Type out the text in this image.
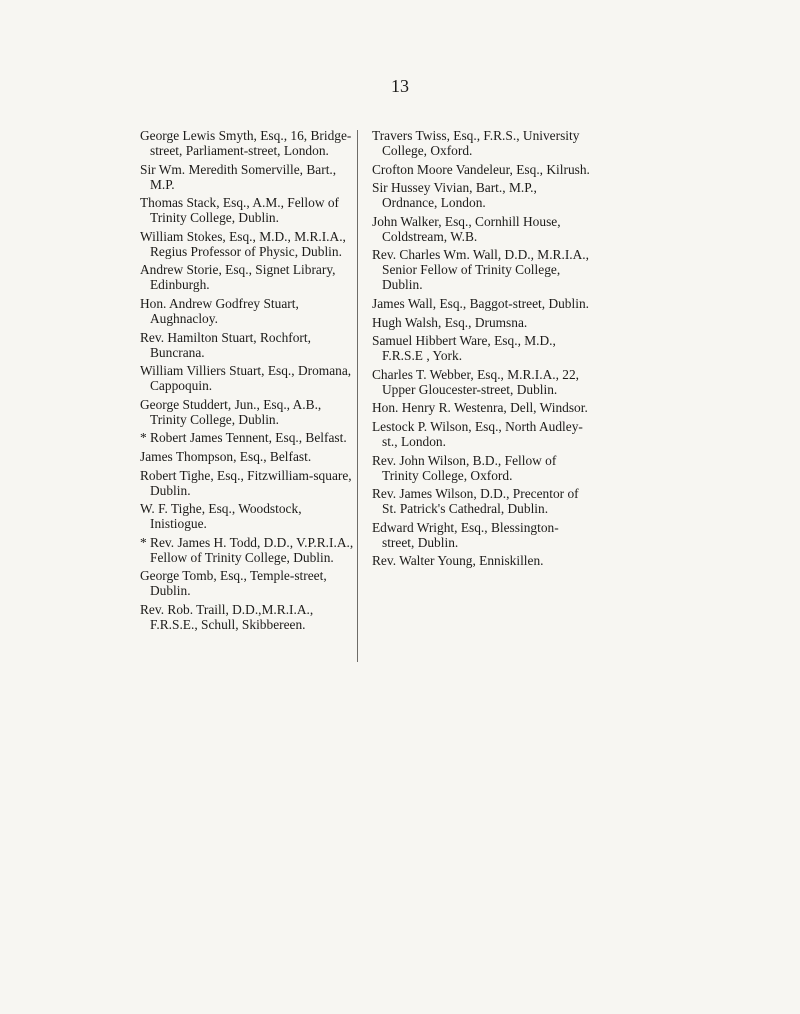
13

George Lewis Smyth, Esq., 16, Bridge-street, Parliament-street, London.

Sir Wm. Meredith Somerville, Bart., M.P.

Thomas Stack, Esq., A.M., Fellow of Trinity College, Dublin.

William Stokes, Esq., M.D., M.R.I.A., Regius Professor of Physic, Dublin.

Andrew Storie, Esq., Signet Library, Edinburgh.

Hon. Andrew Godfrey Stuart, Aughnacloy.

Rev. Hamilton Stuart, Rochfort, Buncrana.

William Villiers Stuart, Esq., Dromana, Cappoquin.

George Studdert, Jun., Esq., A.B., Trinity College, Dublin.

* Robert James Tennent, Esq., Belfast.

James Thompson, Esq., Belfast.

Robert Tighe, Esq., Fitzwilliam-square, Dublin.

W. F. Tighe, Esq., Woodstock, Inistiogue.

* Rev. James H. Todd, D.D., V.P.R.I.A., Fellow of Trinity College, Dublin.

George Tomb, Esq., Temple-street, Dublin.

Rev. Rob. Traill, D.D.,M.R.I.A., F.R.S.E., Schull, Skibbereen.

Travers Twiss, Esq., F.R.S., University College, Oxford.

Crofton Moore Vandeleur, Esq., Kilrush.

Sir Hussey Vivian, Bart., M.P., Ordnance, London.

John Walker, Esq., Cornhill House, Coldstream, W.B.

Rev. Charles Wm. Wall, D.D., M.R.I.A., Senior Fellow of Trinity College, Dublin.

James Wall, Esq., Baggot-street, Dublin.

Hugh Walsh, Esq., Drumsna.

Samuel Hibbert Ware, Esq., M.D., F.R.S.E , York.

Charles T. Webber, Esq., M.R.I.A., 22, Upper Gloucester-street, Dublin.

Hon. Henry R. Westenra, Dell, Windsor.

Lestock P. Wilson, Esq., North Audley-st., London.

Rev. John Wilson, B.D., Fellow of Trinity College, Oxford.

Rev. James Wilson, D.D., Precentor of St. Patrick's Cathedral, Dublin.

Edward Wright, Esq., Blessington-street, Dublin.

Rev. Walter Young, Enniskillen.
